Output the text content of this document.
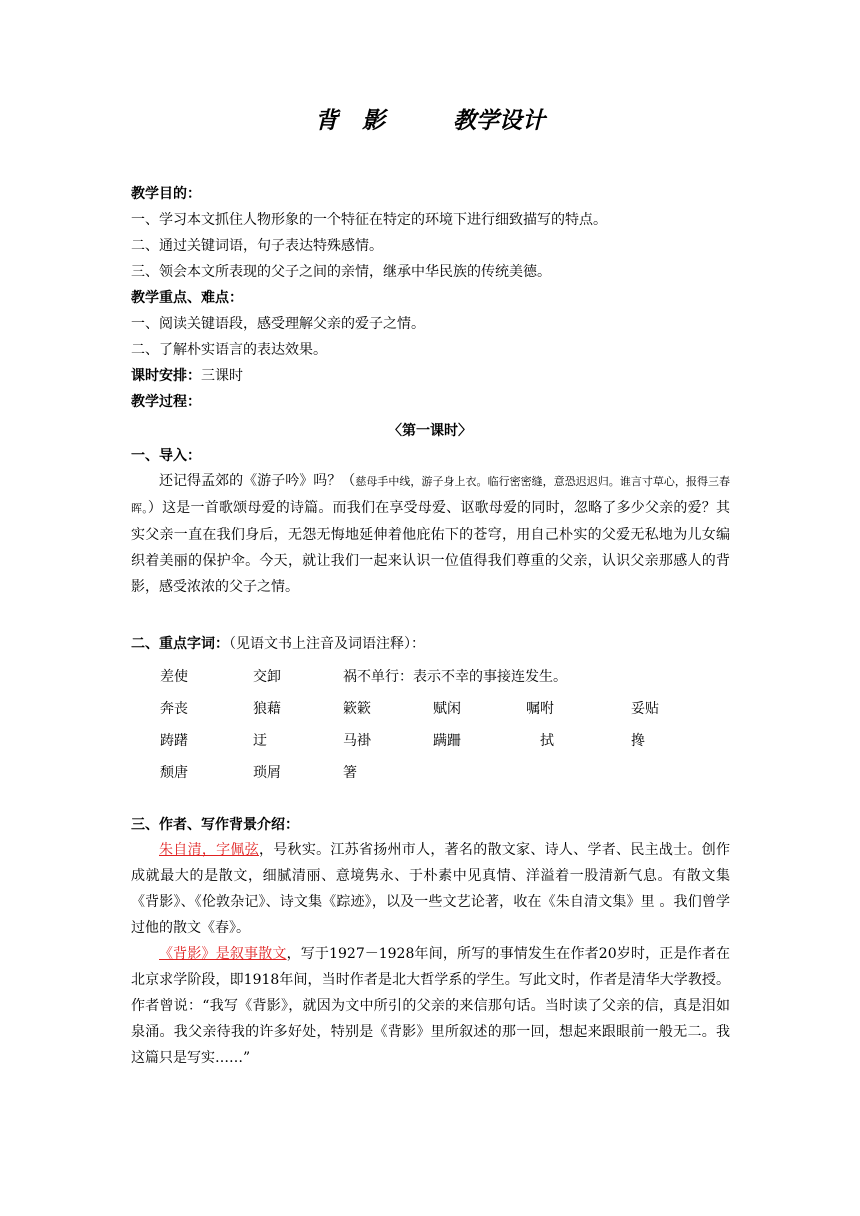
背 影	教学设计
教学目的：
一、学习本文抓住人物形象的一个特征在特定的环境下进行细致描写的特点。
二、通过关键词语，句子表达特殊感情。
三、领会本文所表现的父子之间的亲情，继承中华民族的传统美德。
教学重点、难点：
一、阅读关键语段，感受理解父亲的爱子之情。
二、了解朴实语言的表达效果。
课时安排：三课时
教学过程：
〈第一课时〉
一、导入：
还记得孟郊的《游子吟》吗？（慈母手中线，游子身上衣。临行密密缝，意恐迟迟归。谁言寸草心，报得三春晖。）这是一首歌颂母爱的诗篇。而我们在享受母爱、讴歌母爱的同时，忽略了多少父亲的爱？其实父亲一直在我们身后，无怨无悔地延伸着他庇佑下的苍穹，用自己朴实的父爱无私地为儿女编织着美丽的保护伞。今天，就让我们一起来认识一位值得我们尊重的父亲，认识父亲那感人的背影，感受浓浓的父子之情。
二、重点字词：（见语文书上注音及词语注释）：
差使	交卸	祸不单行：表示不幸的事接连发生。
奔丧	狼藉	簌簌	赋闲	嘱咐	妥贴
踌躇	迂	马褂	蹒跚	拭	搀
颓唐	琐屑	箸
三、作者、写作背景介绍：
朱自清，字佩弦，号秋实。江苏省扬州市人，著名的散文家、诗人、学者、民主战士。创作成就最大的是散文，细腻清丽、意境隽永、于朴素中见真情、洋溢着一股清新气息。有散文集《背影》、《伦敦杂记》、诗文集《踪迹》，以及一些文艺论著，收在《朱自清文集》里 。我们曾学过他的散文《春》。
《背影》是叙事散文，写于1927－1928年间，所写的事情发生在作者20岁时，正是作者在北京求学阶段，即1918年间，当时作者是北大哲学系的学生。写此文时，作者是清华大学教授。作者曾说：“我写《背影》，就因为文中所引的父亲的来信那句话。当时读了父亲的信，真是泪如泉涌。我父亲待我的许多好处，特别是《背影》里所叙述的那一回，想起来跟眼前一般无二。我这篇只是写实……”
